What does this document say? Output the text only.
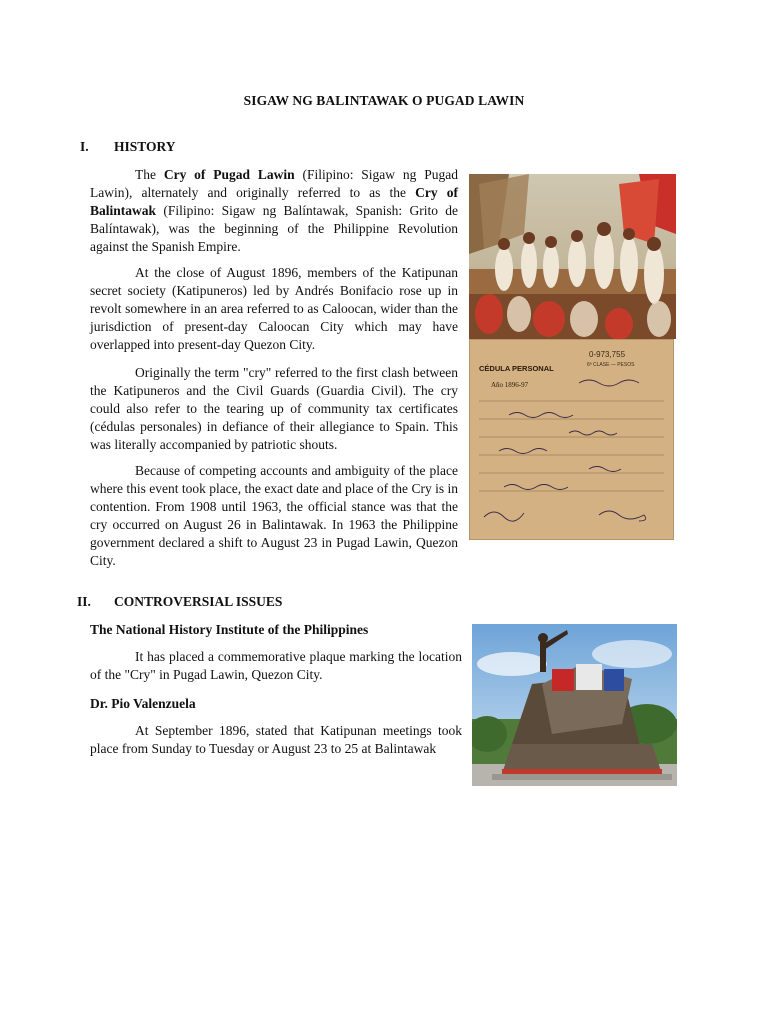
SIGAW NG BALINTAWAK O PUGAD LAWIN
I. HISTORY

The Cry of Pugad Lawin (Filipino: Sigaw ng Pugad Lawin), alternately and originally referred to as the Cry of Balintawak (Filipino: Sigaw ng Balíntawak, Spanish: Grito de Balíntawak), was the beginning of the Philippine Revolution against the Spanish Empire.

At the close of August 1896, members of the Katipunan secret society (Katipuneros) led by Andrés Bonifacio rose up in revolt somewhere in an area referred to as Caloocan, wider than the jurisdiction of present-day Caloocan City which may have overlapped into present-day Quezon City.

Originally the term "cry" referred to the first clash between the Katipuneros and the Civil Guards (Guardia Civil). The cry could also refer to the tearing up of community tax certificates (cédulas personales) in defiance of their allegiance to Spain. This was literally accompanied by patriotic shouts.

Because of competing accounts and ambiguity of the place where this event took place, the exact date and place of the Cry is in contention. From 1908 until 1963, the official stance was that the cry occurred on August 26 in Balintawak. In 1963 the Philippine government declared a shift to August 23 in Pugad Lawin, Quezon City.

II. CONTROVERSIAL ISSUES
The National History Institute of the Philippines

It has placed a commemorative plaque marking the location of the "Cry" in Pugad Lawin, Quezon City.

Dr. Pio Valenzuela

At September 1896, stated that Katipunan meetings took place from Sunday to Tuesday or August 23 to 25 at Balintawak

0-973,755
6ª CLASE — PESOS
CÉDULA PERSONAL
Año 1896-97
